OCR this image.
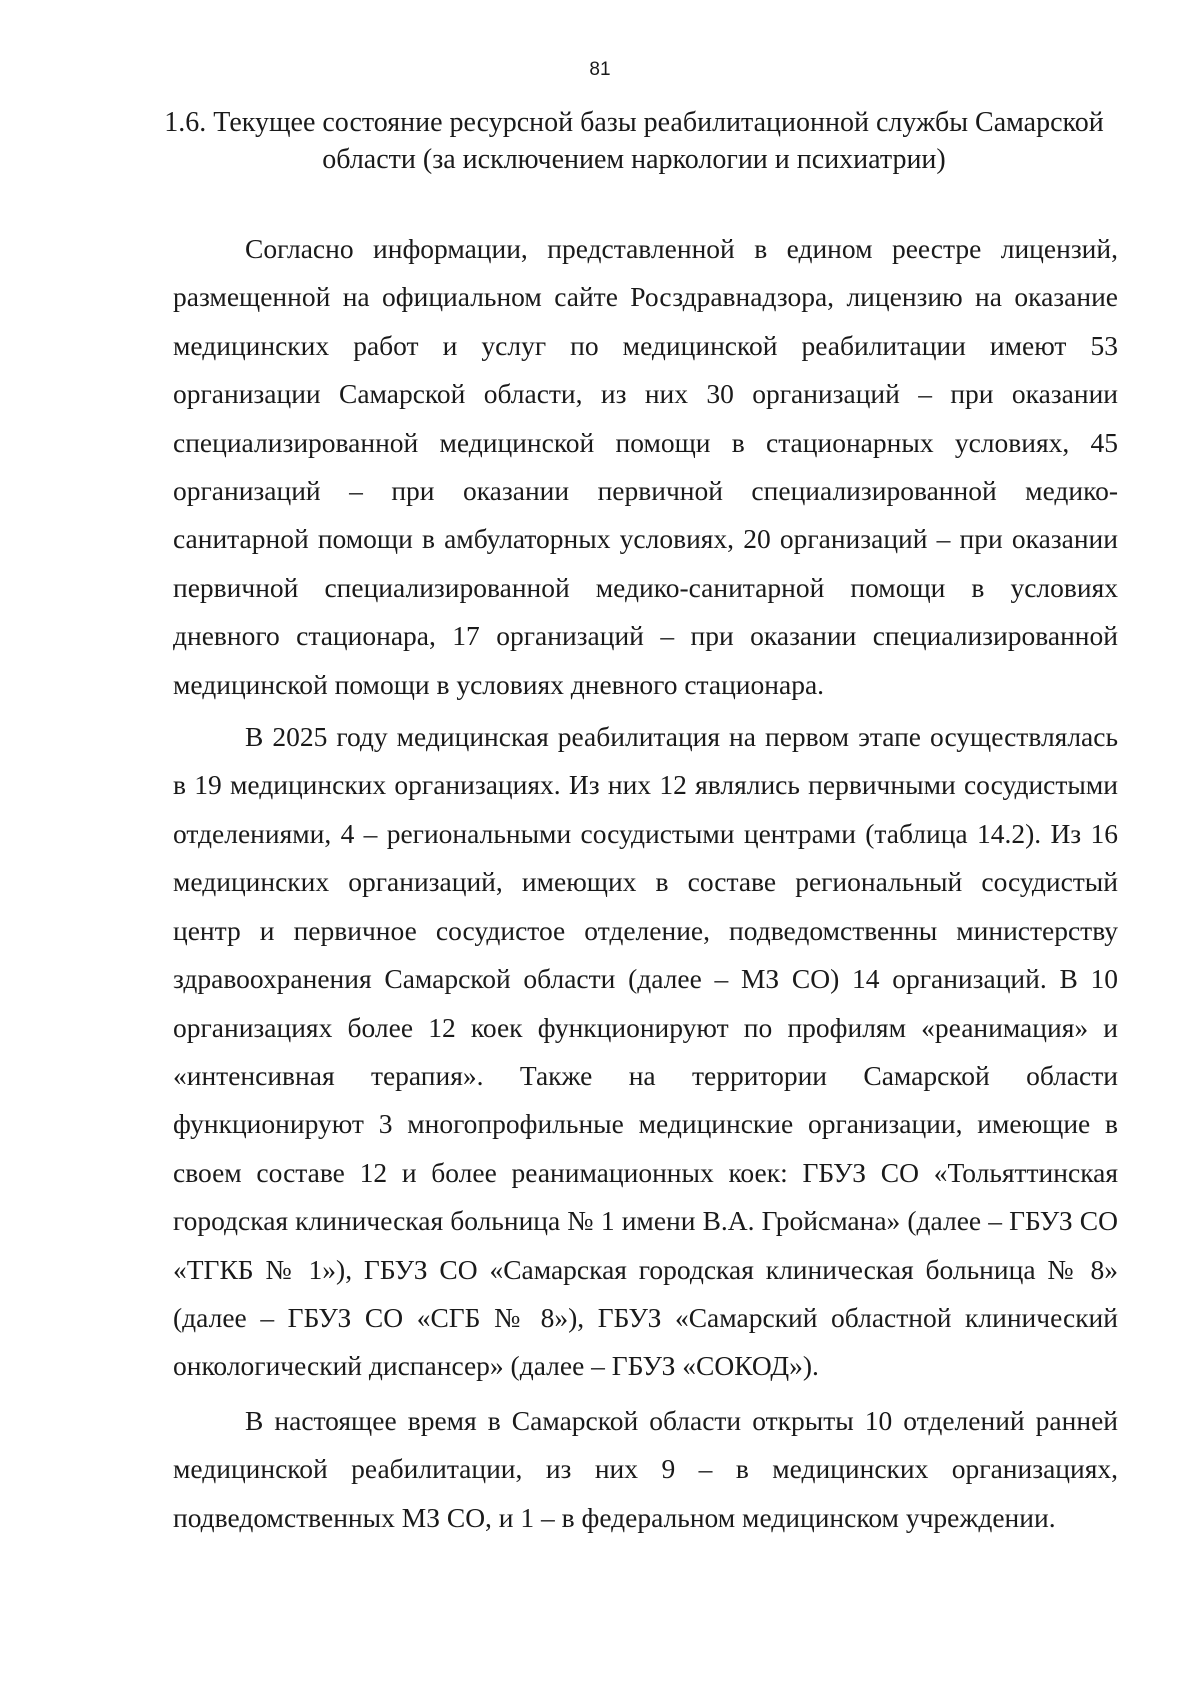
81
1.6. Текущее состояние ресурсной базы реабилитационной службы Самарской области (за исключением наркологии и психиатрии)

Согласно информации, представленной в едином реестре лицензий, размещенной на официальном сайте Росздравнадзора, лицензию на оказание медицинских работ и услуг по медицинской реабилитации имеют 53 организации Самарской области, из них 30 организаций – при оказании специализированной медицинской помощи в стационарных условиях, 45 организаций – при оказании первичной специализированной медико-санитарной помощи в амбулаторных условиях, 20 организаций – при оказании первичной специализированной медико-санитарной помощи в условиях дневного стационара, 17 организаций – при оказании специализированной медицинской помощи в условиях дневного стационара.

В 2025 году медицинская реабилитация на первом этапе осуществлялась в 19 медицинских организациях. Из них 12 являлись первичными сосудистыми отделениями, 4 – региональными сосудистыми центрами (таблица 14.2). Из 16 медицинских организаций, имеющих в составе региональный сосудистый центр и первичное сосудистое отделение, подведомственны министерству здравоохранения Самарской области (далее – МЗ СО) 14 организаций. В 10 организациях более 12 коек функционируют по профилям «реанимация» и «интенсивная терапия». Также на территории Самарской области функционируют 3 многопрофильные медицинские организации, имеющие в своем составе 12 и более реанимационных коек: ГБУЗ СО «Тольяттинская городская клиническая больница № 1 имени В.А. Гройсмана» (далее – ГБУЗ СО «ТГКБ № 1»), ГБУЗ СО «Самарская городская клиническая больница № 8» (далее – ГБУЗ СО «СГБ № 8»), ГБУЗ «Самарский областной клинический онкологический диспансер» (далее – ГБУЗ «СОКОД»).

В настоящее время в Самарской области открыты 10 отделений ранней медицинской реабилитации, из них 9 – в медицинских организациях, подведомственных МЗ СО, и 1 – в федеральном медицинском учреждении.
